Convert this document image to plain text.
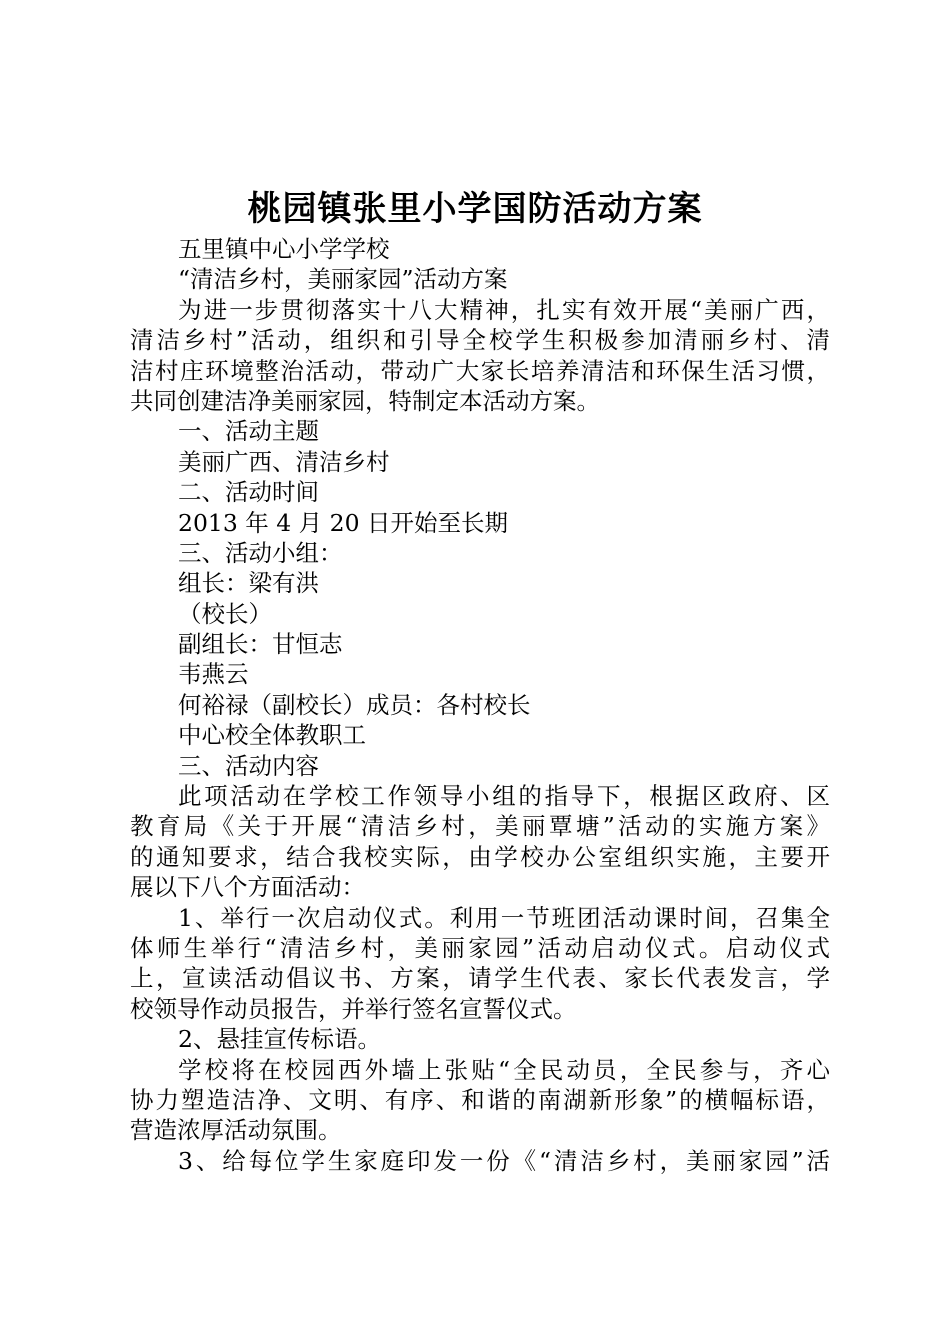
桃园镇张里小学国防活动方案
五里镇中心小学学校
“清洁乡村，美丽家园”活动方案
为进一步贯彻落实十八大精神，扎实有效开展“美丽广西，
清洁乡村”活动，组织和引导全校学生积极参加清丽乡村、清
洁村庄环境整治活动，带动广大家长培养清洁和环保生活习惯，
共同创建洁净美丽家园，特制定本活动方案。
一、活动主题
美丽广西、清洁乡村
二、活动时间
2013 年 4 月 20 日开始至长期
三、活动小组：
组长：梁有洪
（校长）
副组长：甘恒志
韦燕云
何裕禄（副校长）成员：各村校长
中心校全体教职工
三、活动内容
此项活动在学校工作领导小组的指导下，根据区政府、区
教育局《关于开展“清洁乡村，美丽覃塘”活动的实施方案》
的通知要求，结合我校实际，由学校办公室组织实施，主要开
展以下八个方面活动：
1、举行一次启动仪式。利用一节班团活动课时间，召集全
体师生举行“清洁乡村，美丽家园”活动启动仪式。启动仪式
上，宣读活动倡议书、方案，请学生代表、家长代表发言，学
校领导作动员报告，并举行签名宣誓仪式。
2、悬挂宣传标语。
学校将在校园西外墙上张贴“全民动员，全民参与，齐心
协力塑造洁净、文明、有序、和谐的南湖新形象”的横幅标语，
营造浓厚活动氛围。
3、给每位学生家庭印发一份《“清洁乡村，美丽家园”活
